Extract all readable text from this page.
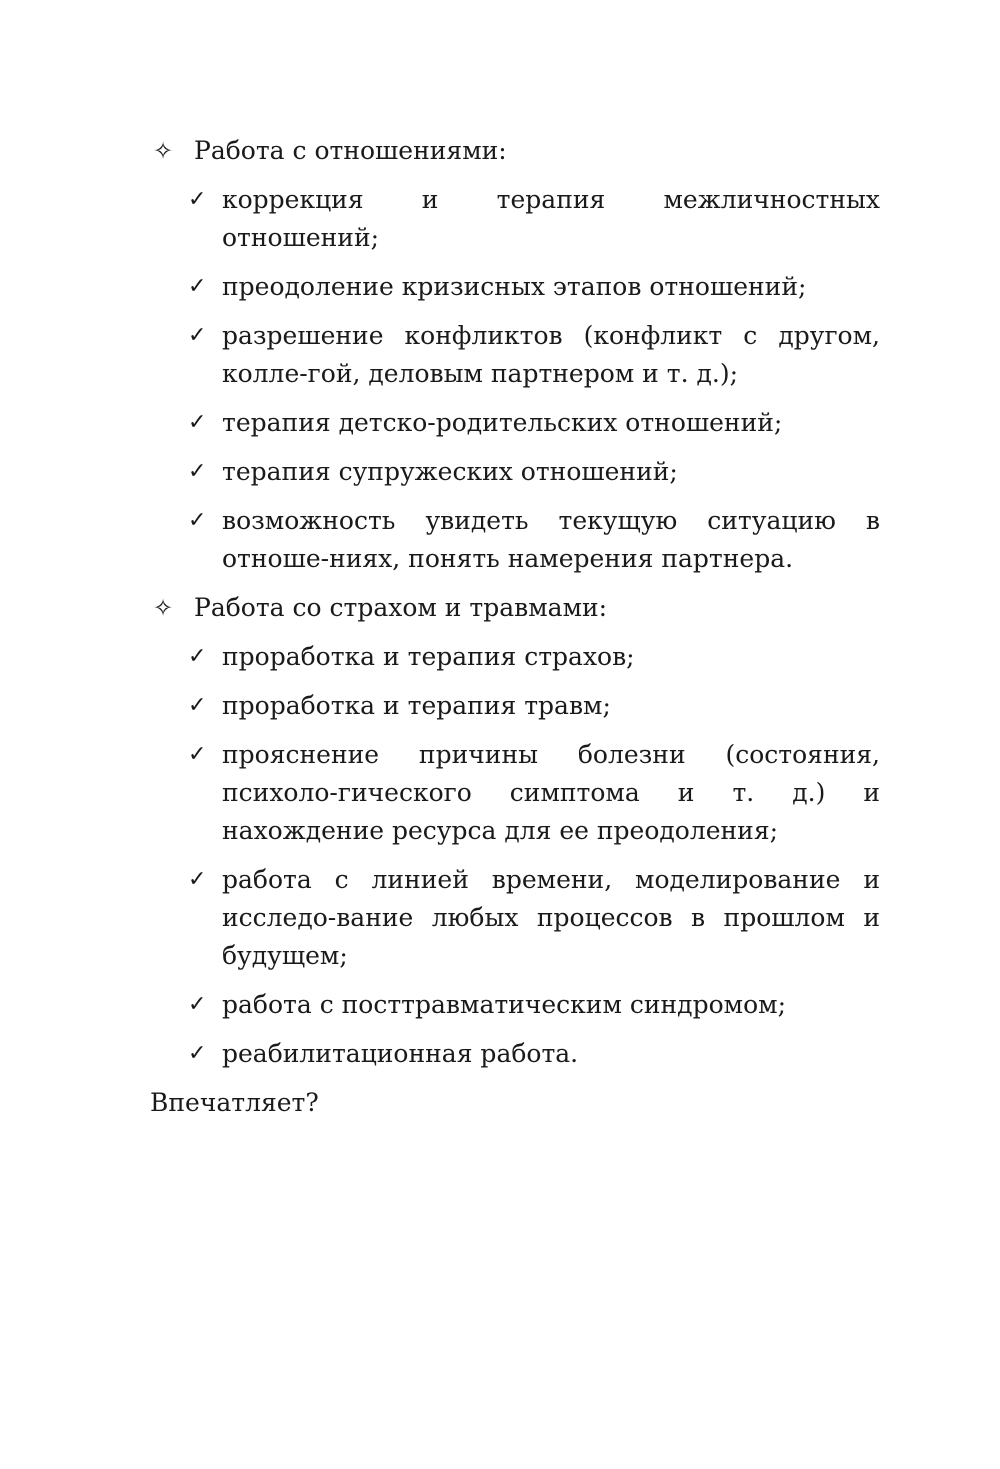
✧ Работа с отношениями:
✓ коррекция и терапия межличностных отношений;
✓ преодоление кризисных этапов отношений;
✓ разрешение конфликтов (конфликт с другом, колле-гой, деловым партнером и т. д.);
✓ терапия детско-родительских отношений;
✓ терапия супружеских отношений;
✓ возможность увидеть текущую ситуацию в отноше-ниях, понять намерения партнера.
✧ Работа со страхом и травмами:
✓ проработка и терапия страхов;
✓ проработка и терапия травм;
✓ прояснение причины болезни (состояния, психоло-гического симптома и т. д.) и нахождение ресурса для ее преодоления;
✓ работа с линией времени, моделирование и исследо-вание любых процессов в прошлом и будущем;
✓ работа с посттравматическим синдромом;
✓ реабилитационная работа.

Впечатляет?
